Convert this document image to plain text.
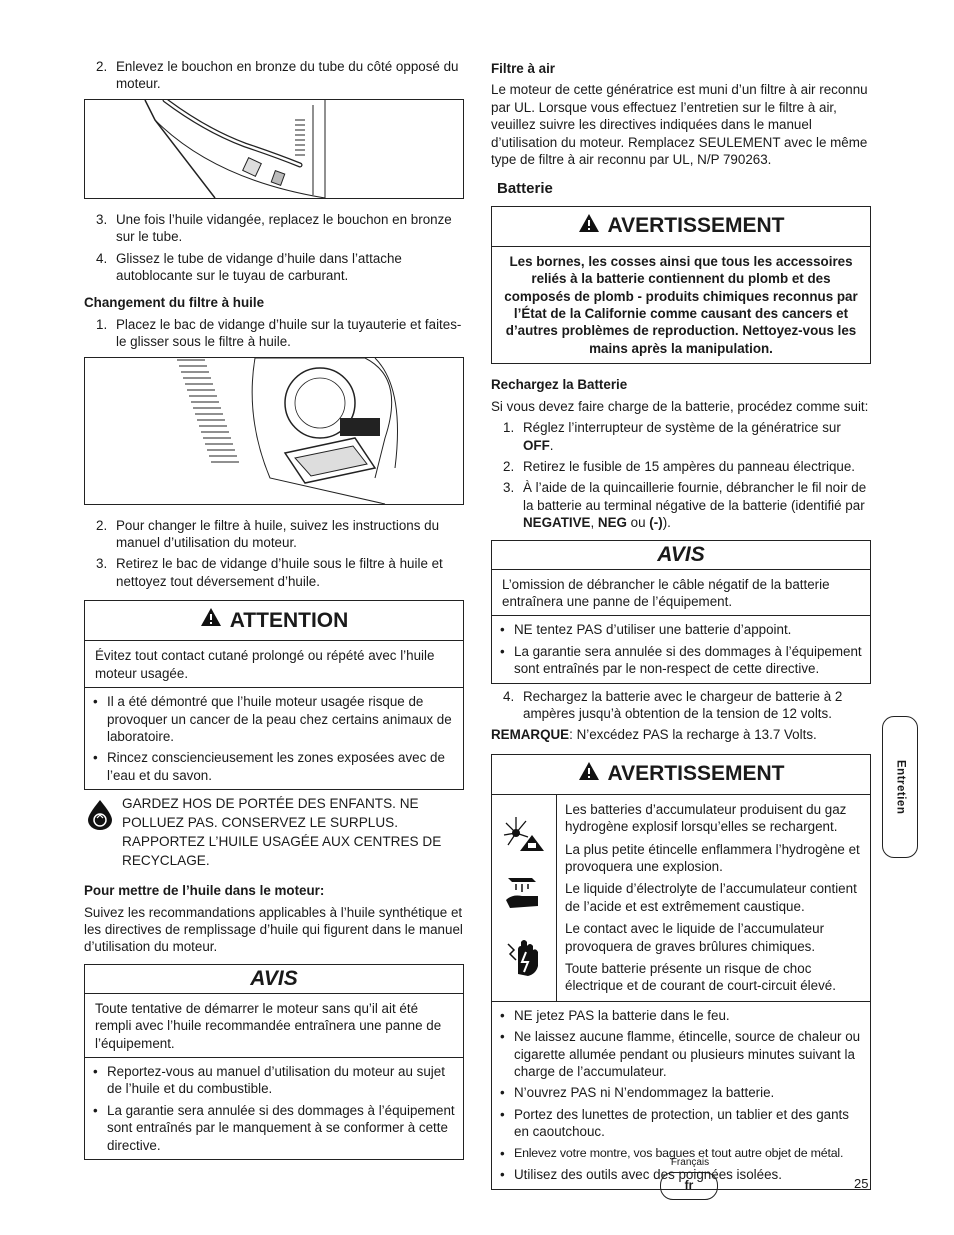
2. Enlevez le bouchon en bronze du tube du côté opposé du moteur.
3. Une fois l’huile vidangée, replacez le bouchon en bronze sur le tube.
4. Glissez le tube de vidange d’huile dans l’attache autoblocante sur le tuyau de carburant.
Changement du filtre à huile
1. Placez le bac de vidange d’huile sur la tuyauterie et faites-le glisser sous le filtre à huile.
2. Pour changer le filtre à huile, suivez les instructions du manuel d’utilisation du moteur.
3. Retirez le bac de vidange d’huile sous le filtre à huile et nettoyez tout déversement d’huile.
ATTENTION
Évitez tout contact cutané prolongé ou répété avec l’huile moteur usagée.
• Il a été démontré que l’huile moteur usagée risque de provoquer un cancer de la peau chez certains animaux de laboratoire.
• Rincez consciencieusement les zones exposées avec de l’eau et du savon.
GARDEZ HOS DE PORTÉE DES ENFANTS. NE POLLUEZ PAS. CONSERVEZ LE SURPLUS. RAPPORTEZ L’HUILE USAGÉE AUX CENTRES DE RECYCLAGE.
Pour mettre de l’huile dans le moteur:
Suivez les recommandations applicables à l’huile synthétique et les directives de remplissage d’huile qui figurent dans le manuel d’utilisation du moteur.
AVIS
Toute tentative de démarrer le moteur sans qu’il ait été rempli avec l’huile recommandée entraînera une panne de l’équipement.
• Reportez-vous au manuel d’utilisation du moteur au sujet de l’huile et du combustible.
• La garantie sera annulée si des dommages à l’équipement sont entraînés par le manquement à se conformer à cette directive.
Filtre à air
Le moteur de cette génératrice est muni d’un filtre à air reconnu par UL. Lorsque vous effectuez l’entretien sur le filtre à air, veuillez suivre les directives indiquées dans le manuel d’utilisation du moteur. Remplacez SEULEMENT avec le même type de filtre à air reconnu par UL, N/P 790263.
Batterie
AVERTISSEMENT
Les bornes, les cosses ainsi que tous les accessoires reliés à la batterie contiennent du plomb et des composés de plomb - produits chimiques reconnus par l’État de la Californie comme causant des cancers et d’autres problèmes de reproduction. Nettoyez-vous les mains après la manipulation.
Rechargez la Batterie
Si vous devez faire charge de la batterie, procédez comme suit:
1. Réglez l’interrupteur de système de la génératrice sur OFF.
2. Retirez le fusible de 15 ampères du panneau électrique.
3. À l’aide de la quincaillerie fournie, débrancher le fil noir de la batterie au terminal négative de la batterie (identifié par NEGATIVE, NEG ou (-)).
AVIS
L’omission de débrancher le câble négatif de la batterie entraînera une panne de l’équipement.
• NE tentez PAS d’utiliser une batterie d’appoint.
• La garantie sera annulée si des dommages à l’équipement sont entraînés par le non-respect de cette directive.
4. Rechargez la batterie avec le chargeur de batterie à 2 ampères jusqu’à obtention de la tension de 12 volts.
REMARQUE: N’excédez PAS la recharge à 13.7 Volts.
AVERTISSEMENT

Les batteries d’accumulateur produisent du gaz hydrogène explosif lorsqu’elles se rechargent.

La plus petite étincelle enflammera l’hydrogène et provoquera une explosion.

Le liquide d’électrolyte de l’accumulateur contient de l’acide et est extrêmement caustique.

Le contact avec le liquide de l’accumulateur provoquera de graves brûlures chimiques.

Toute batterie présente un risque de choc électrique et de courant de court-circuit élevé.

• NE jetez PAS la batterie dans le feu.
• Ne laissez aucune flamme, étincelle, source de chaleur ou cigarette allumée pendant ou plusieurs minutes suivant la charge de l’accumulateur.
• N’ouvrez PAS ni N’endommagez la batterie.
• Portez des lunettes de protection, un tablier et des gants en caoutchouc.
• Enlevez votre montre, vos bagues et tout autre objet de métal.
• Utilisez des outils avec des poignées isolées.
Entretien
Français
fr	25
